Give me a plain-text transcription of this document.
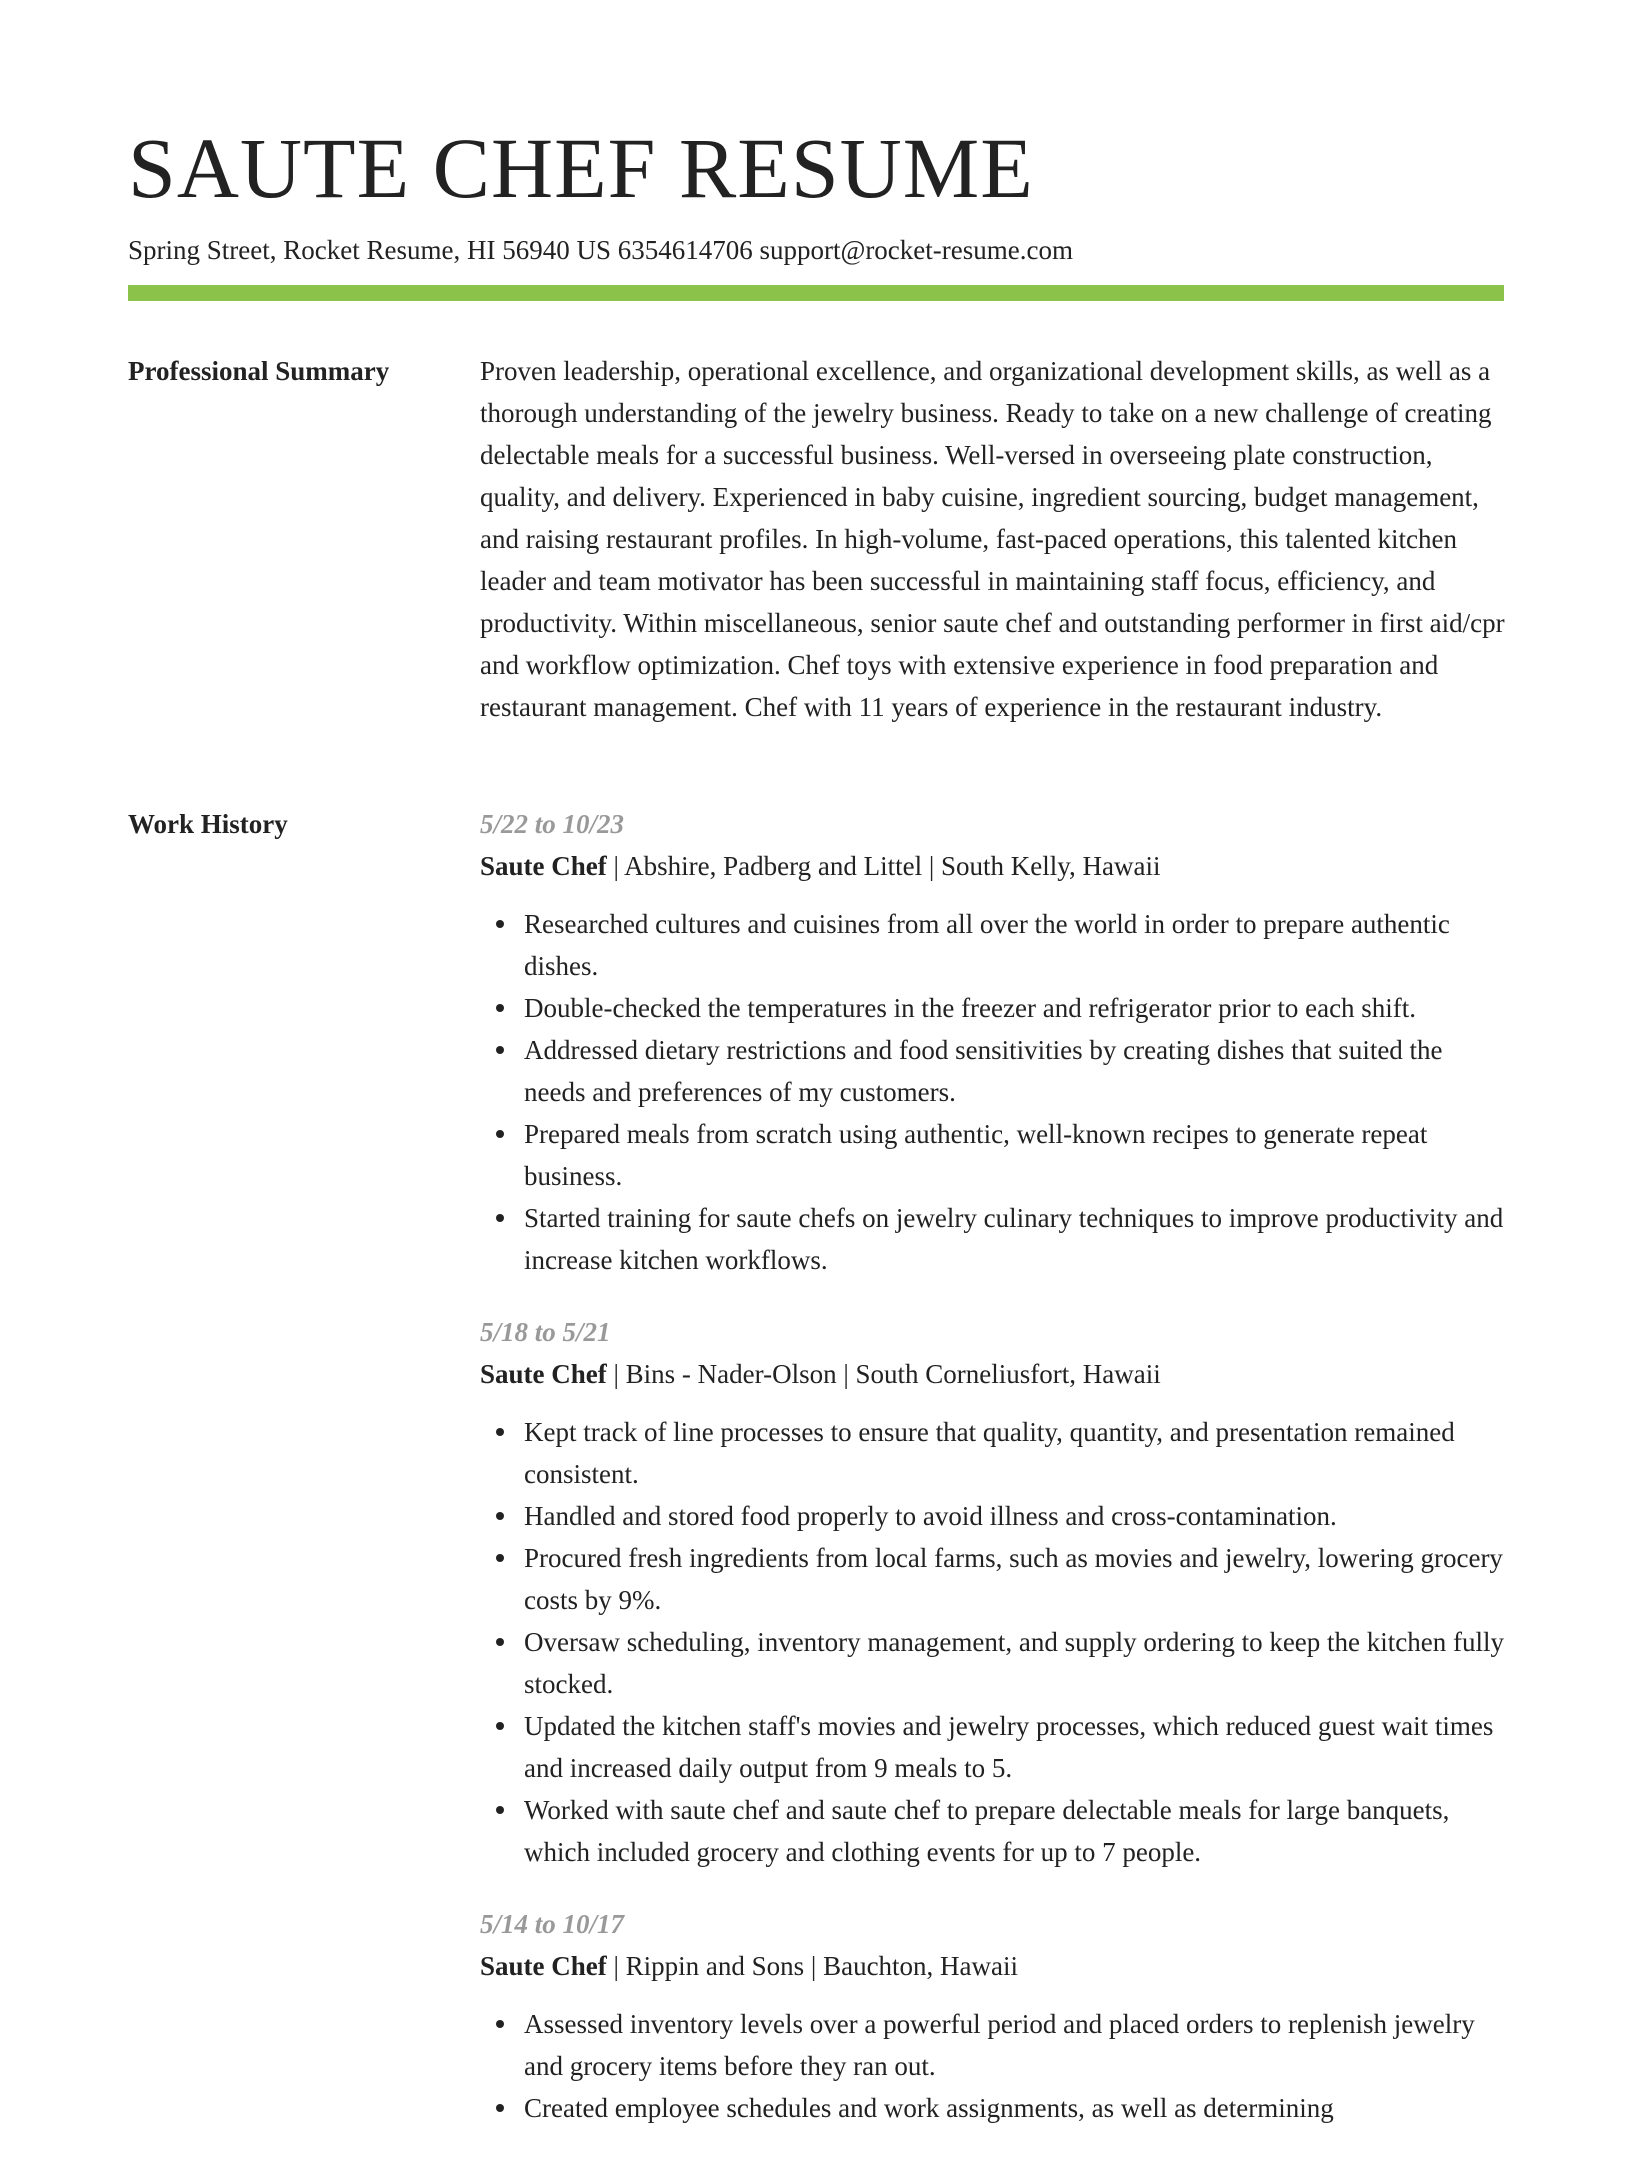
SAUTE CHEF RESUME
Spring Street, Rocket Resume, HI 56940 US 6354614706 support@rocket-resume.com
Professional Summary	Proven leadership, operational excellence, and organizational development skills, as well as a thorough understanding of the jewelry business. Ready to take on a new challenge of creating delectable meals for a successful business. Well-versed in overseeing plate construction, quality, and delivery. Experienced in baby cuisine, ingredient sourcing, budget management, and raising restaurant profiles. In high-volume, fast-paced operations, this talented kitchen leader and team motivator has been successful in maintaining staff focus, efficiency, and productivity. Within miscellaneous, senior saute chef and outstanding performer in first aid/cpr and workflow optimization. Chef toys with extensive experience in food preparation and restaurant management. Chef with 11 years of experience in the restaurant industry.

Work History	5/22 to 10/23
Saute Chef | Abshire, Padberg and Littel | South Kelly, Hawaii
Researched cultures and cuisines from all over the world in order to prepare authentic dishes.
Double-checked the temperatures in the freezer and refrigerator prior to each shift.
Addressed dietary restrictions and food sensitivities by creating dishes that suited the needs and preferences of my customers.
Prepared meals from scratch using authentic, well-known recipes to generate repeat business.
Started training for saute chefs on jewelry culinary techniques to improve productivity and increase kitchen workflows.
5/18 to 5/21
Saute Chef | Bins - Nader-Olson | South Corneliusfort, Hawaii
Kept track of line processes to ensure that quality, quantity, and presentation remained consistent.
Handled and stored food properly to avoid illness and cross-contamination.
Procured fresh ingredients from local farms, such as movies and jewelry, lowering grocery costs by 9%.
Oversaw scheduling, inventory management, and supply ordering to keep the kitchen fully stocked.
Updated the kitchen staff's movies and jewelry processes, which reduced guest wait times and increased daily output from 9 meals to 5.
Worked with saute chef and saute chef to prepare delectable meals for large banquets, which included grocery and clothing events for up to 7 people.
5/14 to 10/17
Saute Chef | Rippin and Sons | Bauchton, Hawaii
Assessed inventory levels over a powerful period and placed orders to replenish jewelry and grocery items before they ran out.
Created employee schedules and work assignments, as well as determining
